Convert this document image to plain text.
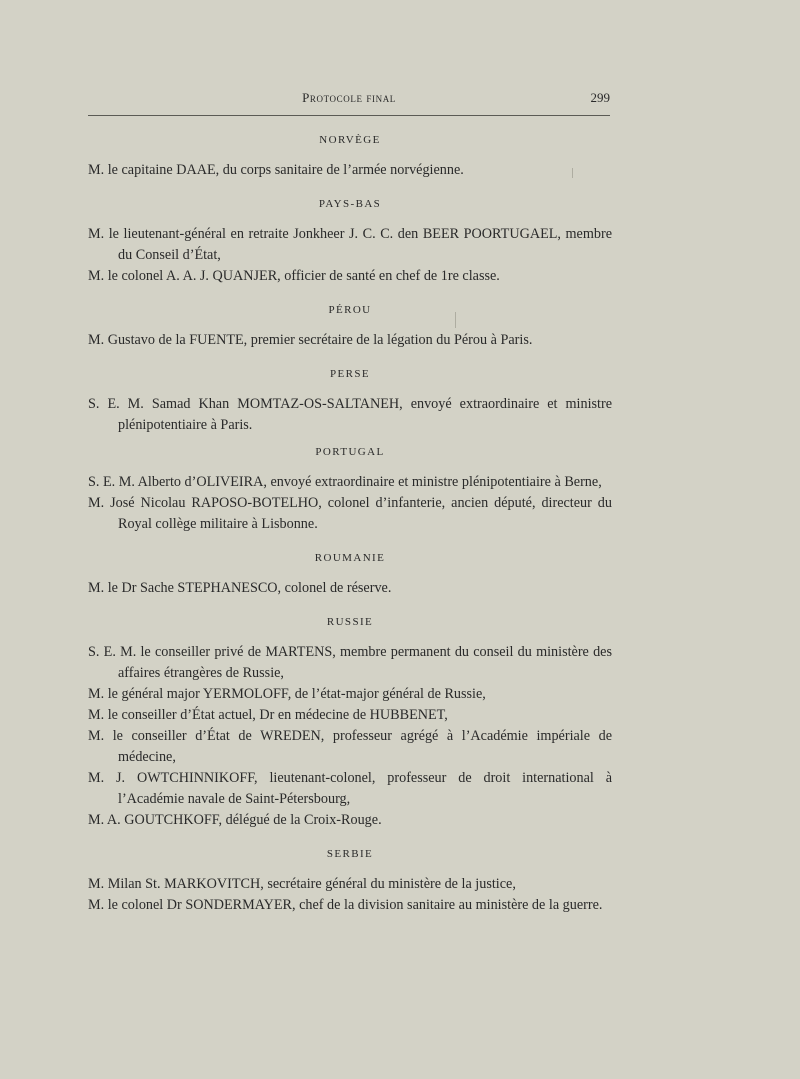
Protocole final	299
NORVÈGE

M. le capitaine DAAE, du corps sanitaire de l’armée norvégienne.

PAYS-BAS

M. le lieutenant-général en retraite Jonkheer J. C. C. den BEER POORTUGAEL, membre du Conseil d’État,

M. le colonel A. A. J. QUANJER, officier de santé en chef de 1re classe.

PÉROU

M. Gustavo de la FUENTE, premier secrétaire de la légation du Pérou à Paris.

PERSE

S. E. M. Samad Khan MOMTAZ-OS-SALTANEH, envoyé extraordinaire et ministre plénipotentiaire à Paris.

PORTUGAL

S. E. M. Alberto d’OLIVEIRA, envoyé extraordinaire et ministre plénipotentiaire à Berne,

M. José Nicolau RAPOSO-BOTELHO, colonel d’infanterie, ancien député, directeur du Royal collège militaire à Lisbonne.

ROUMANIE

M. le Dr Sache STEPHANESCO, colonel de réserve.

RUSSIE

S. E. M. le conseiller privé de MARTENS, membre permanent du conseil du ministère des affaires étrangères de Russie,

M. le général major YERMOLOFF, de l’état-major général de Russie,

M. le conseiller d’État actuel, Dr en médecine de HUBBENET,

M. le conseiller d’État de WREDEN, professeur agrégé à l’Académie impériale de médecine,

M. J. OWTCHINNIKOFF, lieutenant-colonel, professeur de droit international à l’Académie navale de Saint-Pétersbourg,

M. A. GOUTCHKOFF, délégué de la Croix-Rouge.

SERBIE

M. Milan St. MARKOVITCH, secrétaire général du ministère de la justice,

M. le colonel Dr SONDERMAYER, chef de la division sanitaire au ministère de la guerre.
